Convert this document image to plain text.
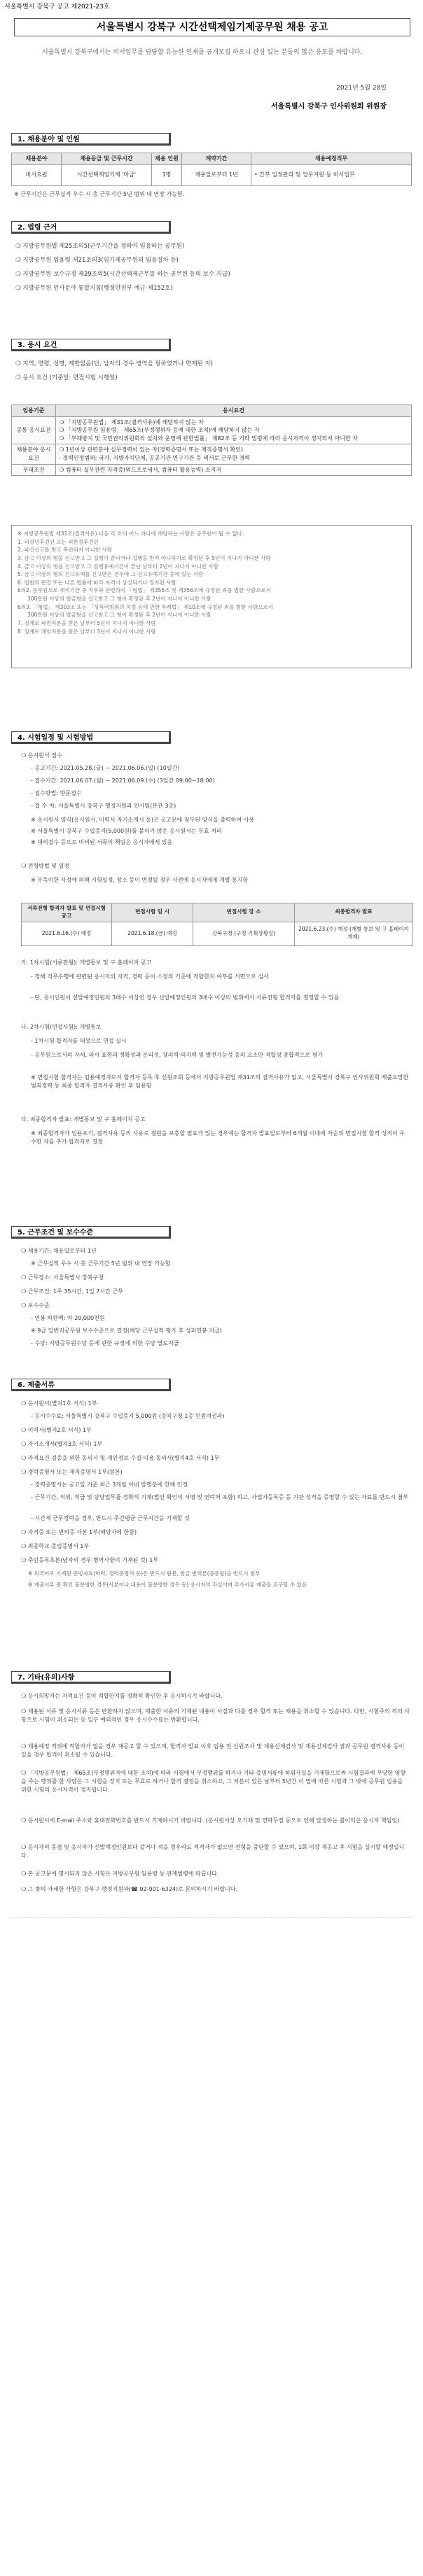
서울특별시 강북구 공고 제2021-23호
서울특별시 강북구 시간선택제임기제공무원 채용 공고
서울특별시 강북구에서는 비서업무를 담당할 유능한 인재를 공개모집 하오니 관심 있는 분들의 많은 응모를 바랍니다.
2021년 5월 28일
서울특별시 강북구 인사위원회 위원장
1. 채용분야 및 인원
채용분야	채용등급 및 근무시간	채용 인원	계약기간	채용예정직무
비서요원	시간선택제임기제 '마급'	1명	채용일로부터 1년	• 간부 일정관리 및 업무지원 등 비서업무
※ 근무기간은 근무실적 우수 시 총 근무기간 5년 범위 내 연장 가능함.
2. 법령 근거
❍ 지방공무원법 제25조의5(근무기간을 정하여 임용하는 공무원)
❍ 지방공무원 임용령 제21조의3(임기제공무원의 임용절차 등)
❍ 지방공무원 보수규정 제29조의5(시간선택제근무를 하는 공무원 등의 보수 지급)
❍ 지방공무원 인사분야 통합지침(행정안전부 예규 제152호)
3. 응시 요건
❍ 지역, 연령, 성별, 제한없음(단, 남자의 경우 병역을 필하였거나 면제된 자)
❍ 응시 요건 (기준일: 면접시험 시행일)
임용기준	응시요건
공통 응시요건	❍ 「지방공무원법」 제31조(결격사유)에 해당하지 않는 자
❍ 「지방공무원 임용령」 제65조(부정행위자 등에 대한 조치)에 해당하지 않는 자
❍ 「부패방지 및 국민권익위원회의 설치와 운영에 관한법률」 제82조 등 기타 법령에 따라 응시자격이 정지되지 아니한 자

채용분야 응시요건	❍ 1년이상 관련분야 실무경력이 있는 자(경력증명서 또는 재직증명서 확인)
- 경력인정범위: 국가, 지방자치단체, 공공기관 연구기관 등 비서로 근무한 경력

우대조건	❍ 컴퓨터 실무관련 자격증(워드프로세서, 컴퓨터 활용능력) 소지자
※ 지방공무원법 제31조(결격사유) 다음 각 호의 어느 하나에 해당하는 사람은 공무원이 될 수 없다.
1. 피성년후견인 또는 피한정후견인
2. 파산선고를 받고 복권되지 아니한 사람
3. 금고 이상의 형을 선고받고 그 집행이 끝나거나 집행을 받지 아니하기로 확정된 후 5년이 지나지 아니한 사람
4. 금고 이상의 형을 선고받고 그 집행유예기간이 끝난 날부터 2년이 지나지 아니한 사람
5. 금고 이상의 형의 선고유예를 선고받은 경우에 그 선고유예기간 중에 있는 사람
6. 법원의 판결 또는 다른 법률에 따라 자격이 상실되거나 정지된 사람
6의2. 공무원으로 재직기간 중 직무와 관련하여 「형법」 제355조 및 제356조에 규정된 죄를 범한 사람으로서
300만원 이상의 벌금형을 선고받고 그 형이 확정된 후 2년이 지나지 아니한 사람
6의3. 「형법」 제303조 또는 「성폭력범죄의 처벌 등에 관한 특례법」 제10조에 규정된 죄를 범한 사람으로서
300만원 이상의 벌금형을 선고받고 그 형이 확정된 후 2년이 지나지 아니한 사람
7. 징계로 파면처분을 받은 날부터 5년이 지나지 아니한 사람
8. 징계로 해임처분을 받은 날부터 3년이 지나지 아니한 사람
4. 시험일정 및 시험방법
❍ 응시원서 접수
- 공고기간: 2021.05.28.(금) ~ 2021.06.06.(일) (10일간)
- 접수기간: 2021.06.07.(월) ~ 2021.06.09.(수) (3일간 09:00~18:00)
- 접수방법: 방문접수
- 접 수 처: 서울특별시 강북구 행정지원과 인사팀(본관 3층)
※ 응시원서 양식(응시원서, 이력서 자기소개서 등)은 공고문에 첨부된 양식을 출력하여 사용
※ 서울특별시 강북구 수입증지(5,000원)를 붙이기 않은 응시원서는 무효 처리
※ 대리접수 등으로 미비된 서류의 책임은 응시자에게 있음
❍ 전형방법 및 일정
※ 부득이한 사정에 의해 시험일정, 장소 등이 변경될 경우 사전에 응시자에게 개별 통지함
서류전형 합격자 발표 및 면접시험 공고	면접시험 일 시	면접시험 장 소	최종합격자 발표
2021.6.16.(수) 예정	2021.6.18.(금) 예정	강북구청 (구청 기획상황실)	2021.6.23.(수) 예정 (개별 통보 및 구 홈페이지 게재)
가. 1차시험(서류전형): 개별통보 및 구 홈페이지 공고
- 정해 직무수행에 관련된 응시자의 자격, 경력 등이 소정의 기준에 적합한지 여부를 서면으로 심사
- 단, 응시인원이 선발예정인원의 3배수 이상인 경우 선발예정인원의 3배수 이상의 범위에서 서류전형 합격자를 결정할 수 있음
나. 2차시험(면접시험): 개별통보
- 1차시험 합격자를 대상으로 면접 실시
- 공무원으로서의 자세, 의사 표현의 정확성과 논리성, 창의력·의지력 및 발전가능성 등의 요소만 적합성 종합적으로 평가
※ 면접시험 합격자는 임용예정자로서 합격자 등록 후 신원조회 등에서 지방공무원법 제31조의 결격사유가 없고, 서울특별시 강북구 인사위원회 제출요망한 범죄경력 등 최종 합격자 결격사유 확인 후 임용함
다. 최종합격자 발표: 개별통보 및 구 홈페이지 공고
※ 최종합격자가 임용포기, 결격사유 등의 사유로 결원을 보충할 필요가 있는 경우에는 합격자 발표일로부터 6개월 이내에 차순위 면접시험 합격 성적이 우수한 자를 추가 합격자로 결정
5. 근무조건 및 보수수준
❍ 채용기간: 채용일로부터 1년
※ 근무실적 우수 시 총 근무기간 5년 범위 내 연장 가능함
❍ 근무장소: 서울특별시 강북구청
❍ 근무조건: 1주 35시간, 1일 7시간 근무
❍ 보수수준
- 연봉 하한액: 약 20,000천원
※ 9급 일반직공무원 보수수준으로 결정(해당 근무실적 평가 후 성과연봉 지급)
- 수당: 지방공무원수당 등에 관한 규정에 의한 수당 별도지급
6. 제출서류
❍ 응시원서(별지1호 서식) 1부
- 응시수수료: 서울특별시 강북구 수입증지 5,000원 (강북구청 1층 민원여권과)
❍ 이력서(별지2호 서식) 1부
❍ 자기소개서(별지3호 서식) 1부
❍ 자격요건 검증을 위한 동의서 및 개인정보 수집·이용 동의서(별지4호 서식) 1부
❍ 경력증명서 또는 재직증명서 1부(원본)
- 경력증명서는 공고일 기준 최근 3개월 이내 발행분에 한해 인정
- 근무기간, 직위, 직급 및 담당업무를 정확히 기재(법인 확인이 서명 및 연락처 포함) 하고, 사업자등록증 등 기관 성격을 증명할 수 있는 자료를 반드시 첨부
- 시간제 근무경력을 경우, 반드시 주간평균 근무시간을 기재할 것
❍ 자격증 또는 면허증 사본 1부(해당자에 한함)
❍ 최종학교 졸업증명서 1부
❍ 주민등록초본(남자의 경우 병역사항이 기재된 것) 1부
※ 외국어로 기재된 증빙자료(학력, 경력증명서 등)은 반드시 원문, 한글 번역본(공증필)을 반드시 첨부
※ 제출서류 중 확인 불분명한 경우(사본이나 내용이 불분명한 경우 등) 응시자의 과실이며 추가서류 제출을 요구할 수 있음
7. 기타(유의)사항
❍ 응시희망자는 자격요건 등이 적합한지를 정확히 확인한 후 응시하시기 바랍니다.
❍ 채용된 서류 및 응시서류 등은 반환하지 않으며, 제출한 서류의 기재된 내용이 사실과 다를 경우 합격 또는 채용을 취소할 수 있습니다. 다만, 시험주의 적의 사항으로 시험이 취소되는 등 일부 예외적인 경우 응시수수료는 반환합니다.
❍ 채용예정 직위에 적합자가 없을 경우 재공고 할 수 있으며, 합격자 발표 이후 임용 전 신원조사 및 채용신체검사 및 채용신체검사 결과 공무원 결격사유 등이 있을 경우 합격이 취소될 수 있습니다.
❍ 「지방공무원법」 제65조(부정행위자에 대한 조치)에 따라 시험에서 부정행위를 하거나 기타 증명서류에 허위사실을 기재함으로써 시험결과에 부당한 영향을 주는 행위를 한 사람은 그 시험을 정지 또는 무효로 하거나 합격 결정을 취소하고, 그 처분이 있은 날부터 5년간 이 법에 따른 시험과 그 밖에 공무원 임용을 위한 시험의 응시자격이 정지됩니다.
❍ 응시원서에 E-mail 주소와 휴대전화번호를 반드시 기재하시기 바랍니다. (응시원서상 오기재 및 연락두절 등으로 인해 발생하는 불이익은 응시자 책임임)
❍ 응시자의 동점 및 응시자가 선발예정인원보다 같거나 적을 경우라도 적격자가 없으면 전형을 중단할 수 있으며, 1회 이상 재공고 후 시험을 실시할 예정입니다.
❍ 본 공고문에 명시되지 않은 사항은 지방공무원 임용령 등 관계법령에 따릅니다.
❍ 그 밖의 자세한 사항은 강북구 행정지원과(☎ 02-901-6324)로 문의하시기 바랍니다.
